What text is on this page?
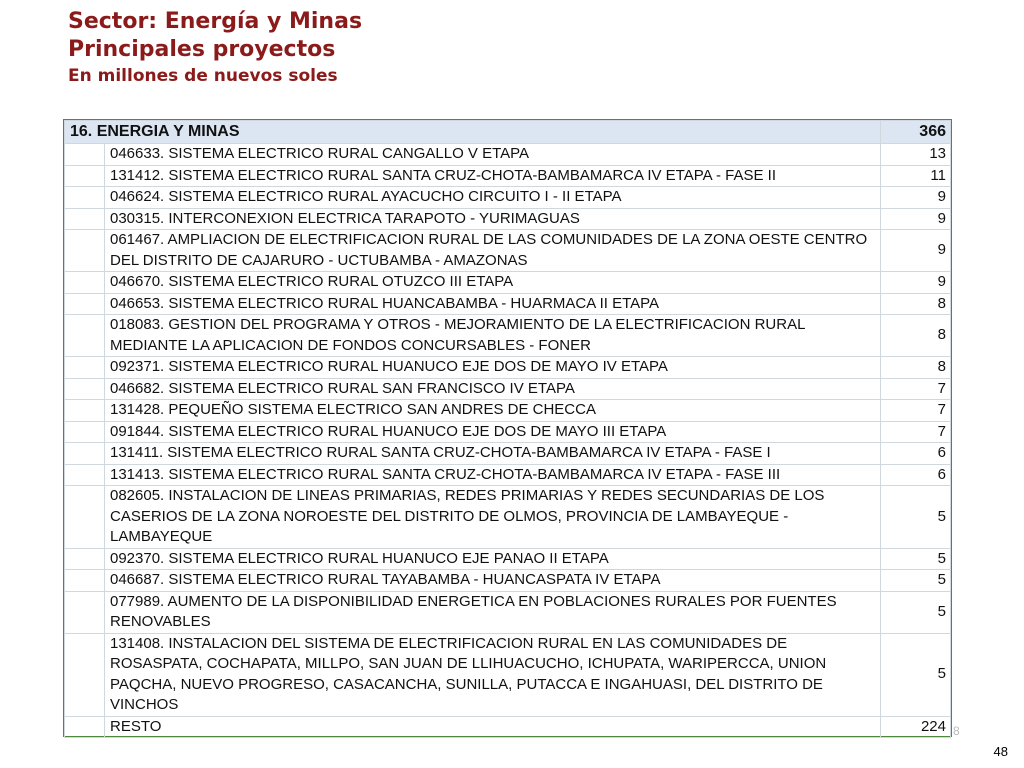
Sector: Energía y Minas
Principales proyectos
En millones de nuevos soles
16. ENERGIA Y MINAS		366
	046633. SISTEMA ELECTRICO RURAL CANGALLO V ETAPA	13
	131412. SISTEMA ELECTRICO RURAL SANTA CRUZ-CHOTA-BAMBAMARCA IV ETAPA - FASE II	11
	046624. SISTEMA ELECTRICO RURAL AYACUCHO CIRCUITO I - II ETAPA	9
	030315. INTERCONEXION ELECTRICA TARAPOTO - YURIMAGUAS	9
	061467. AMPLIACION DE ELECTRIFICACION RURAL DE LAS COMUNIDADES DE LA ZONA OESTE CENTRO DEL DISTRITO DE CAJARURO - UCTUBAMBA - AMAZONAS	9
	046670. SISTEMA ELECTRICO RURAL OTUZCO III ETAPA	9
	046653. SISTEMA ELECTRICO RURAL HUANCABAMBA - HUARMACA II ETAPA	8
	018083. GESTION DEL PROGRAMA Y OTROS - MEJORAMIENTO DE LA ELECTRIFICACION RURAL MEDIANTE LA APLICACION DE FONDOS CONCURSABLES - FONER	8
	092371. SISTEMA ELECTRICO RURAL HUANUCO EJE DOS DE MAYO IV ETAPA	8
	046682. SISTEMA ELECTRICO RURAL SAN FRANCISCO IV ETAPA	7
	131428. PEQUEÑO SISTEMA ELECTRICO SAN ANDRES DE CHECCA	7
	091844. SISTEMA ELECTRICO RURAL HUANUCO EJE DOS DE MAYO III ETAPA	7
	131411. SISTEMA ELECTRICO RURAL SANTA CRUZ-CHOTA-BAMBAMARCA IV ETAPA - FASE I	6
	131413. SISTEMA ELECTRICO RURAL SANTA CRUZ-CHOTA-BAMBAMARCA IV ETAPA - FASE III	6
	082605. INSTALACION DE LINEAS PRIMARIAS, REDES PRIMARIAS Y REDES SECUNDARIAS DE LOS CASERIOS DE LA ZONA NOROESTE DEL DISTRITO DE OLMOS, PROVINCIA DE LAMBAYEQUE - LAMBAYEQUE	5
	092370. SISTEMA ELECTRICO RURAL HUANUCO EJE PANAO II ETAPA	5
	046687. SISTEMA ELECTRICO RURAL TAYABAMBA - HUANCASPATA IV ETAPA	5
	077989. AUMENTO DE LA DISPONIBILIDAD ENERGETICA EN POBLACIONES RURALES POR FUENTES RENOVABLES	5
	131408. INSTALACION DEL SISTEMA DE ELECTRIFICACION RURAL EN LAS COMUNIDADES DE ROSASPATA, COCHAPATA, MILLPO, SAN JUAN DE LLIHUACUCHO, ICHUPATA, WARIPERCCA, UNION PAQCHA, NUEVO PROGRESO, CASACANCHA, SUNILLA, PUTACCA E INGAHUASI, DEL DISTRITO DE VINCHOS	5
	RESTO	224 8
48
